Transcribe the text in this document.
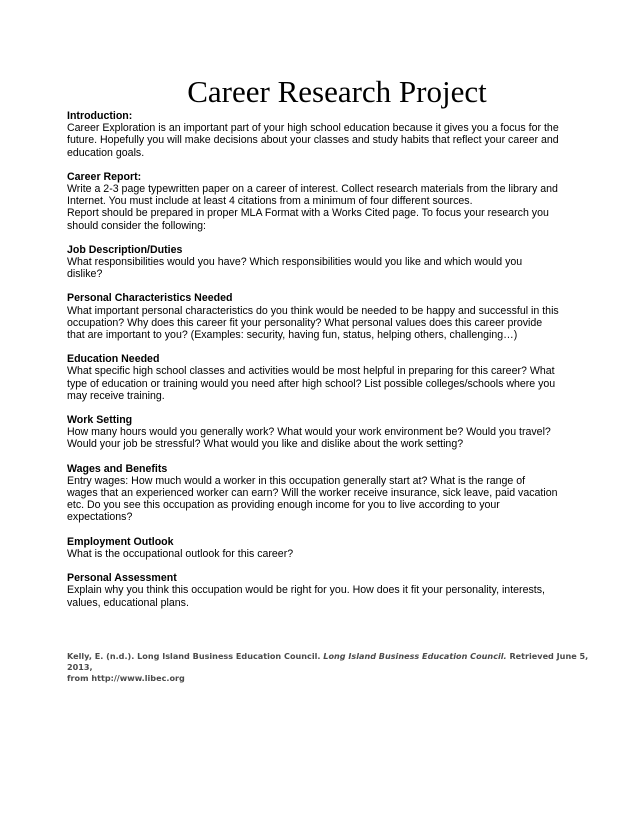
Career Research Project
Introduction:
Career Exploration is an important part of your high school education because it gives you a focus for the
future. Hopefully you will make decisions about your classes and study habits that reflect your career and
education goals.
Career Report:
Write a 2-3 page typewritten paper on a career of interest. Collect research materials from the library and
Internet. You must include at least 4 citations from a minimum of four different sources.
Report should be prepared in proper MLA Format with a Works Cited page. To focus your research you
should consider the following:
Job Description/Duties
What responsibilities would you have? Which responsibilities would you like and which would you
dislike?
Personal Characteristics Needed
What important personal characteristics do you think would be needed to be happy and successful in this
occupation? Why does this career fit your personality? What personal values does this career provide
that are important to you? (Examples: security, having fun, status, helping others, challenging…)
Education Needed
What specific high school classes and activities would be most helpful in preparing for this career? What
type of education or training would you need after high school? List possible colleges/schools where you
may receive training.
Work Setting
How many hours would you generally work? What would your work environment be? Would you travel?
Would your job be stressful? What would you like and dislike about the work setting?
Wages and Benefits
Entry wages: How much would a worker in this occupation generally start at? What is the range of
wages that an experienced worker can earn? Will the worker receive insurance, sick leave, paid vacation
etc. Do you see this occupation as providing enough income for you to live according to your
expectations?
Employment Outlook
What is the occupational outlook for this career?
Personal Assessment
Explain why you think this occupation would be right for you. How does it fit your personality, interests,
values, educational plans.
Kelly, E. (n.d.). Long Island Business Education Council. Long Island Business Education Council. Retrieved June 5, 2013,
from http://www.libec.org
